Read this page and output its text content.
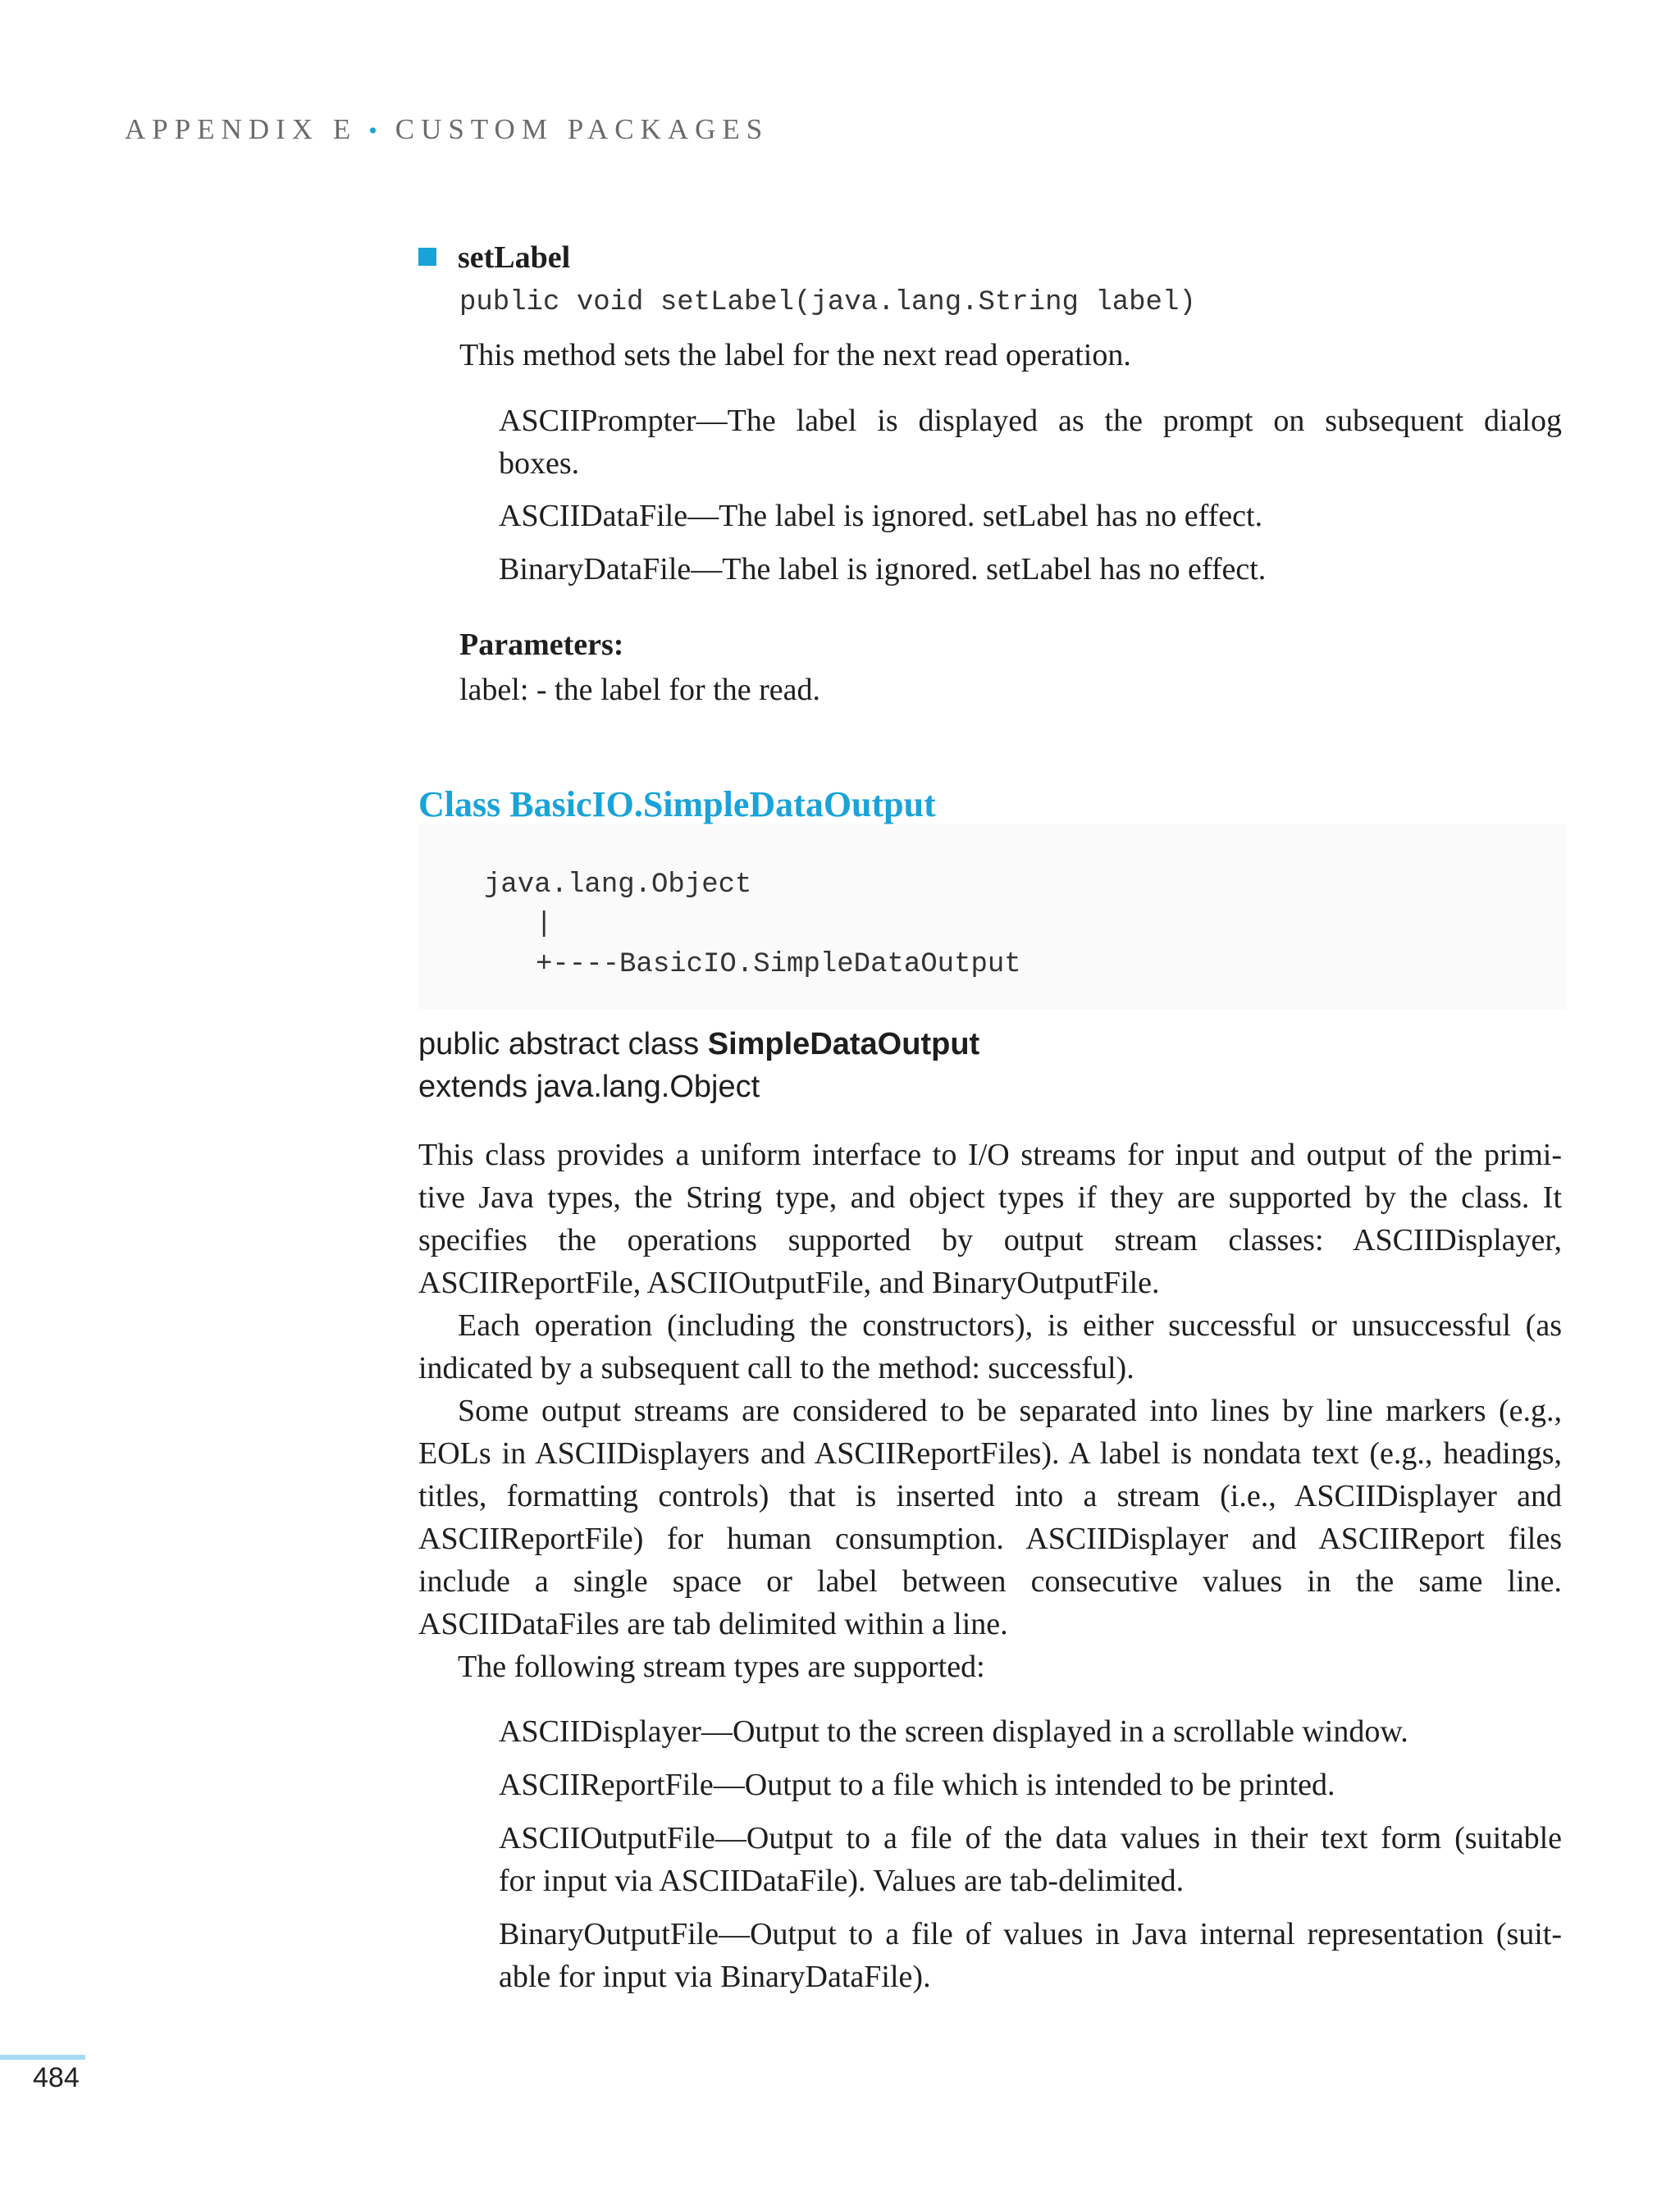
APPENDIX E • CUSTOM PACKAGES
setLabel
public void setLabel(java.lang.String label)
This method sets the label for the next read operation.
ASCIIPrompter—The label is displayed as the prompt on subsequent dialog
boxes.
ASCIIDataFile—The label is ignored. setLabel has no effect.
BinaryDataFile—The label is ignored. setLabel has no effect.
Parameters:
label: - the label for the read.
Class BasicIO.SimpleDataOutput
java.lang.Object
|
+----BasicIO.SimpleDataOutput
public abstract class SimpleDataOutput
extends java.lang.Object
This class provides a uniform interface to I/O streams for input and output of the primi-
tive Java types, the String type, and object types if they are supported by the class. It
specifies the operations supported by output stream classes: ASCIIDisplayer,
ASCIIReportFile, ASCIIOutputFile, and BinaryOutputFile.
Each operation (including the constructors), is either successful or unsuccessful (as
indicated by a subsequent call to the method: successful).
Some output streams are considered to be separated into lines by line markers (e.g.,
EOLs in ASCIIDisplayers and ASCIIReportFiles). A label is nondata text (e.g., headings,
titles, formatting controls) that is inserted into a stream (i.e., ASCIIDisplayer and
ASCIIReportFile) for human consumption. ASCIIDisplayer and ASCIIReport files
include a single space or label between consecutive values in the same line.
ASCIIDataFiles are tab delimited within a line.
The following stream types are supported:
ASCIIDisplayer—Output to the screen displayed in a scrollable window.
ASCIIReportFile—Output to a file which is intended to be printed.
ASCIIOutputFile—Output to a file of the data values in their text form (suitable
for input via ASCIIDataFile). Values are tab-delimited.
BinaryOutputFile—Output to a file of values in Java internal representation (suit-
able for input via BinaryDataFile).
484
